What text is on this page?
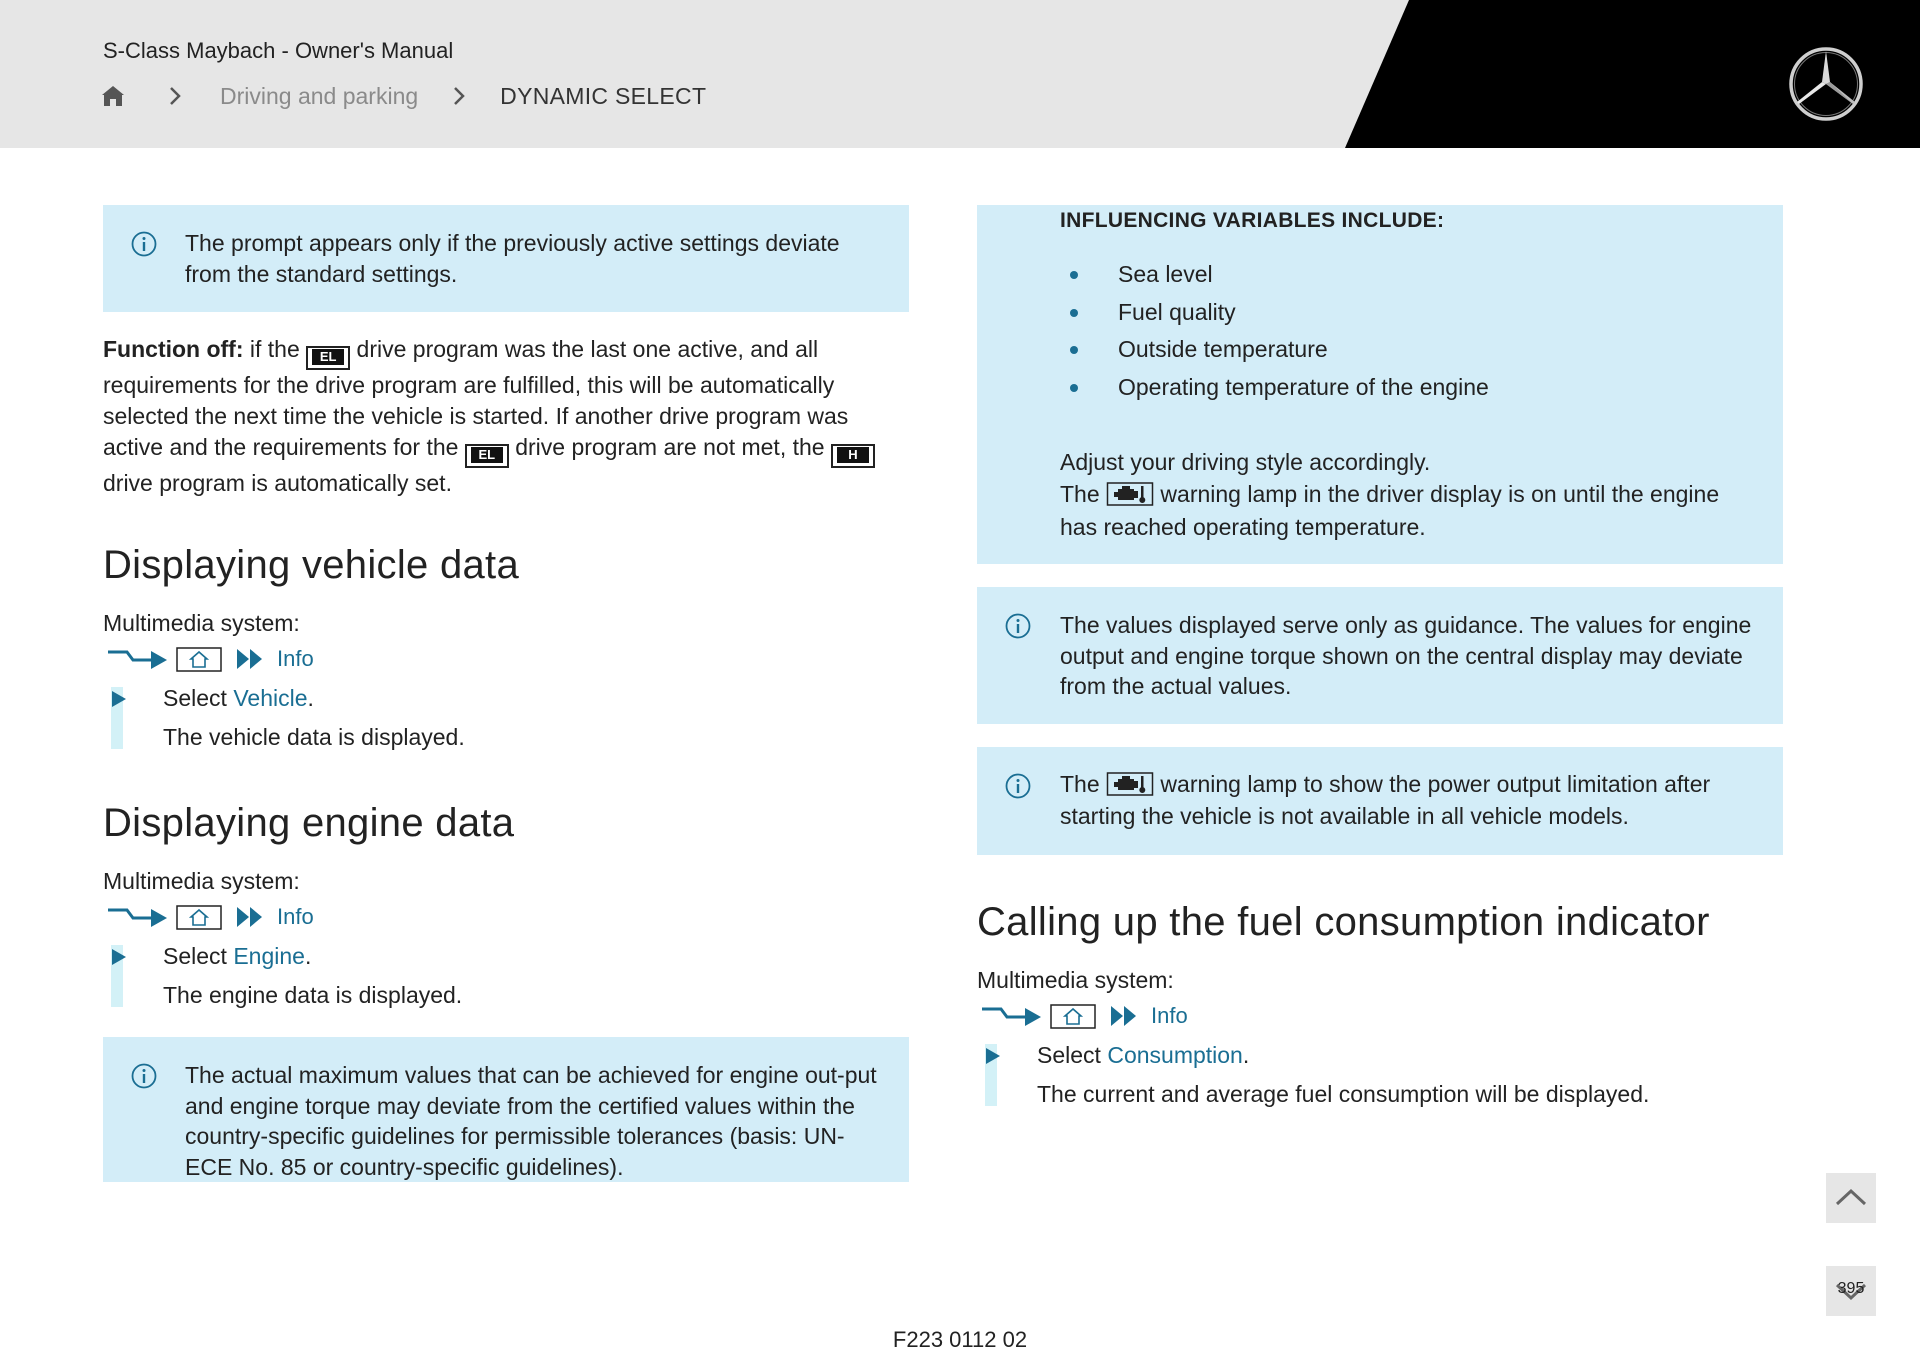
S-Class Maybach - Owner's Manual
Driving and parking	DYNAMIC SELECT
The prompt appears only if the previously active settings deviate from the standard settings.
Function off: if the	EL drive program was the last one active, and all requirements for the drive program are fulfilled, this will be automatically selected the next time the vehicle is started. If another drive program was active and the requirements for the	EL drive program are not met, the	H
drive program is automatically set.
Displaying vehicle data
Multimedia system:
Info
Select Vehicle.
The vehicle data is displayed.
Displaying engine data
Multimedia system:
Info
Select Engine.
The engine data is displayed.
The actual maximum values that can be achieved for engine out-put and engine torque may deviate from the certified values within the country-specific guidelines for permissible tolerances (basis: UN-ECE No. 85 or country-specific guidelines).
INFLUENCING VARIABLES INCLUDE:
Sea level
Fuel quality
Outside temperature
Operating temperature of the engine
Adjust your driving style accordingly.
The  warning lamp in the driver display is on until the engine has reached operating temperature.
The values displayed serve only as guidance. The values for engine output and engine torque shown on the central display may deviate from the actual values.
The  warning lamp to show the power output limitation after starting the vehicle is not available in all vehicle models.
Calling up the fuel consumption indicator
Multimedia system:
Info
Select Consumption.
The current and average fuel consumption will be displayed.
395
F223 0112 02
